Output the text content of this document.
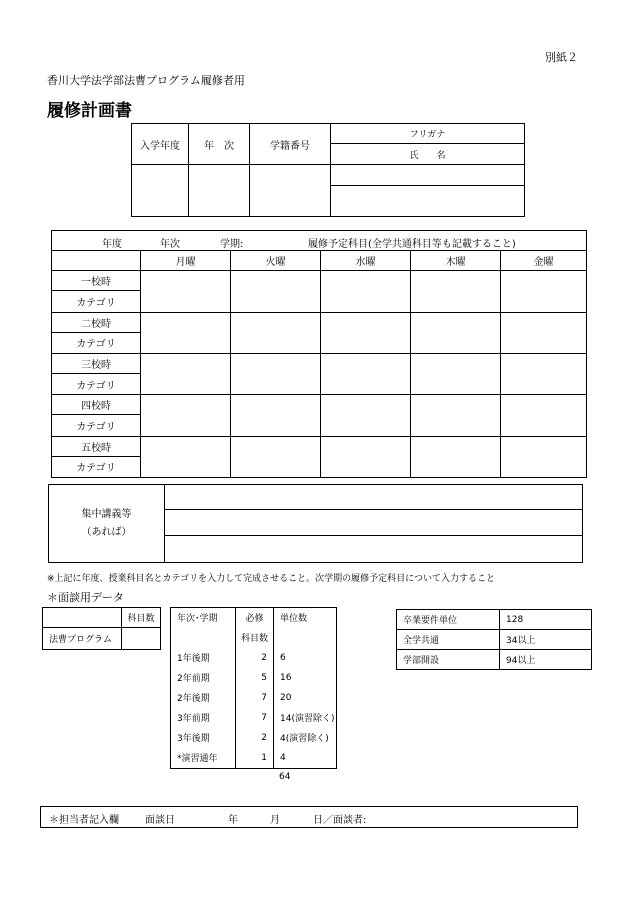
別紙２
香川大学法学部法曹プログラム履修者用
履修計画書
入学年度	年　次	学籍番号	フリガナ
			氏　　名

年度 年次 学期: 履修予定科目(全学共通科目等も記載すること)					

	月曜	火曜	水曜	木曜	金曜
一校時					
カテゴリ					
二校時					
カテゴリ					
三校時					
カテゴリ					
四校時					
カテゴリ					
五校時					
カテゴリ					
集中講義等
（あれば）

※上記に年度、授業科目名とカテゴリを入力して完成させること。次学期の履修予定科目について入力すること
＊面談用データ
	科目数
法曹プログラム	
年次･学期	必修	単位数
	科目数	
1年後期	2	6
2年前期	5	16
2年後期	7	20
3年前期	7	14(演習除く)
3年後期	2	4(演習除く)
*演習通年	1	4
64
卒業要件単位	128
全学共通	34以上
学部開設	94以上
＊担当者記入欄	面談日	年	月	日／面談者:
